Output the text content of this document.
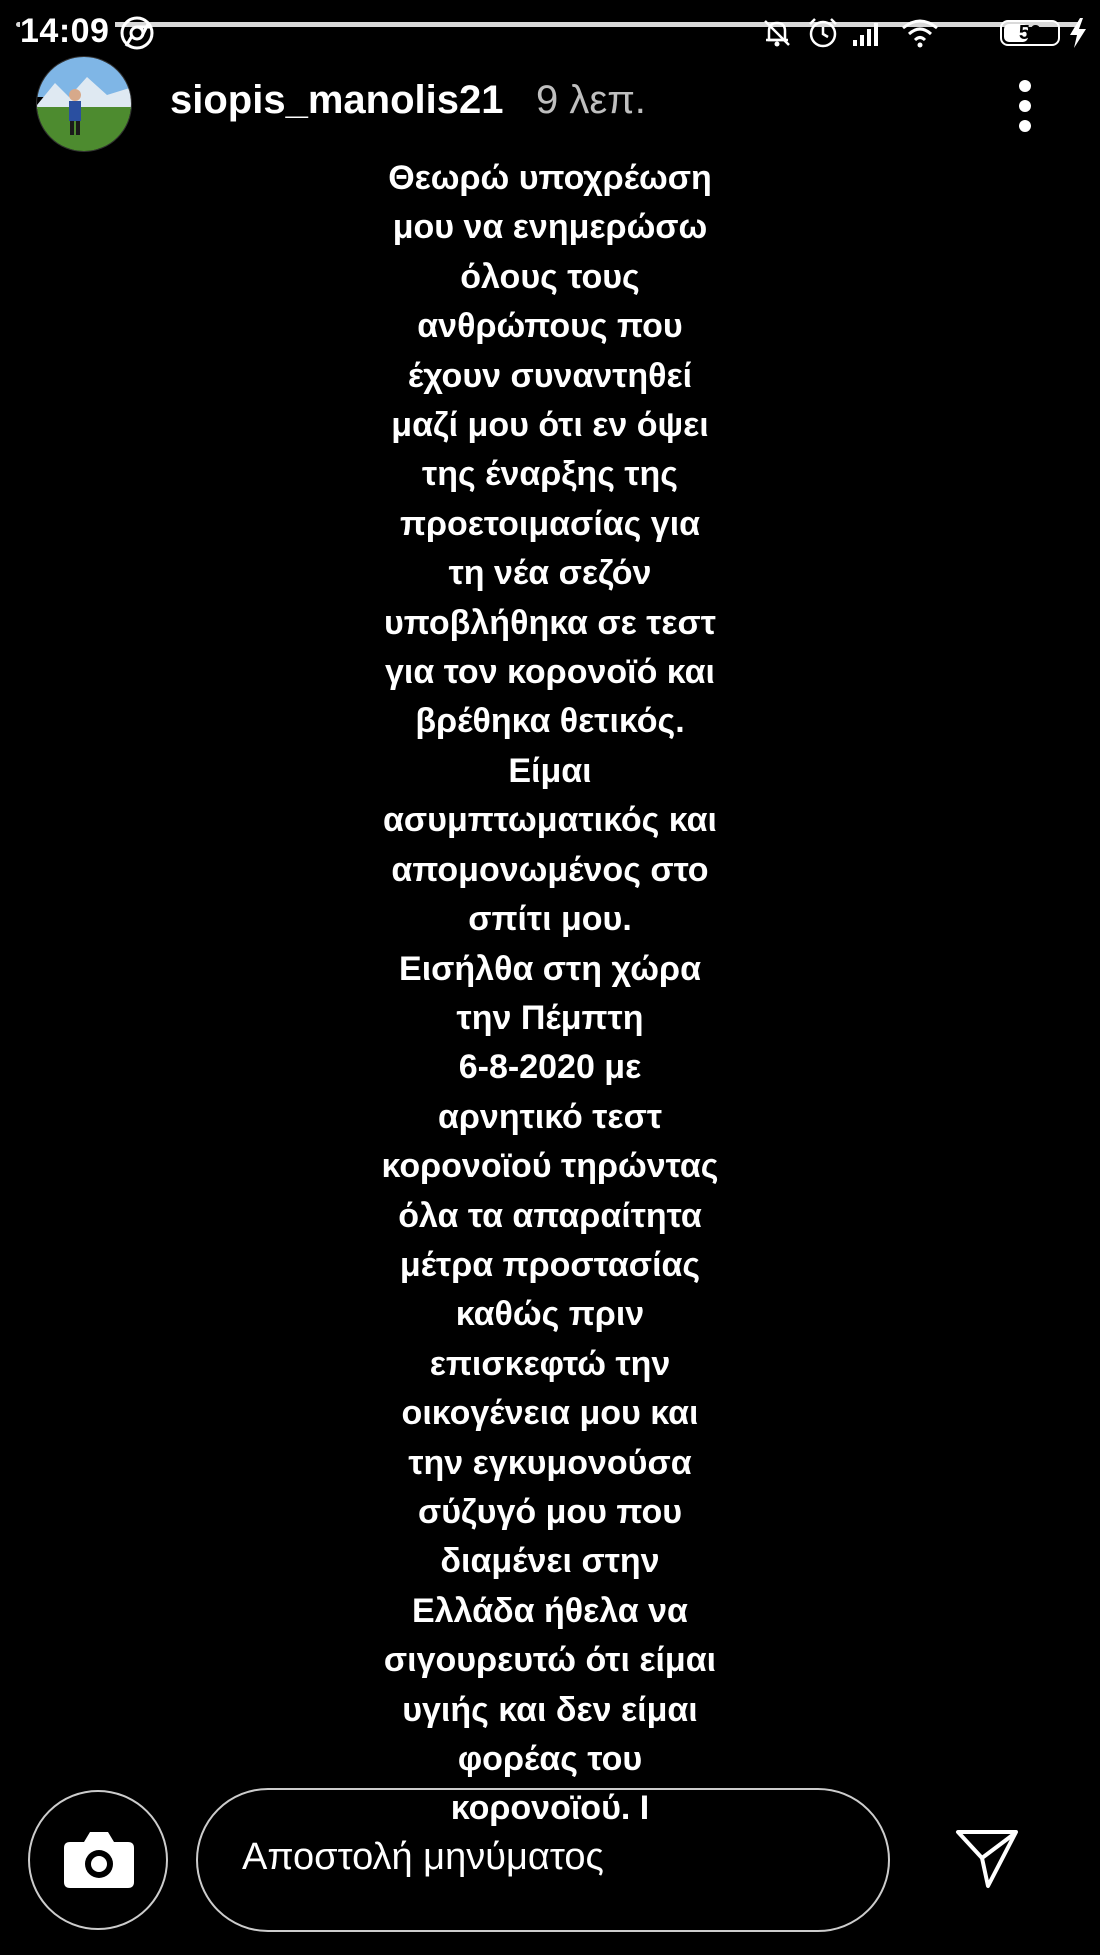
14:09	50
siopis_manolis21 9 λεπ.
Θεωρώ υποχρέωση
μου να ενημερώσω
όλους τους
ανθρώπους που
έχουν συναντηθεί
μαζί μου ότι εν όψει
της έναρξης της
προετοιμασίας για
τη νέα σεζόν
υποβλήθηκα σε τεστ
για τον κορονοϊό και
βρέθηκα θετικός.
Είμαι
ασυμπτωματικός και
απομονωμένος στο
σπίτι μου.
Εισήλθα στη χώρα
την Πέμπτη
6-8-2020 με
αρνητικό τεστ
κορονοϊού τηρώντας
όλα τα απαραίτητα
μέτρα προστασίας
καθώς πριν
επισκεφτώ την
οικογένεια μου και
την εγκυμονούσα
σύζυγό μου που
διαμένει στην
Ελλάδα ήθελα να
σιγουρευτώ ότι είμαι
υγιής και δεν είμαι
φορέας του
κορονοϊού. Ι
Αποστολή μηνύματος
